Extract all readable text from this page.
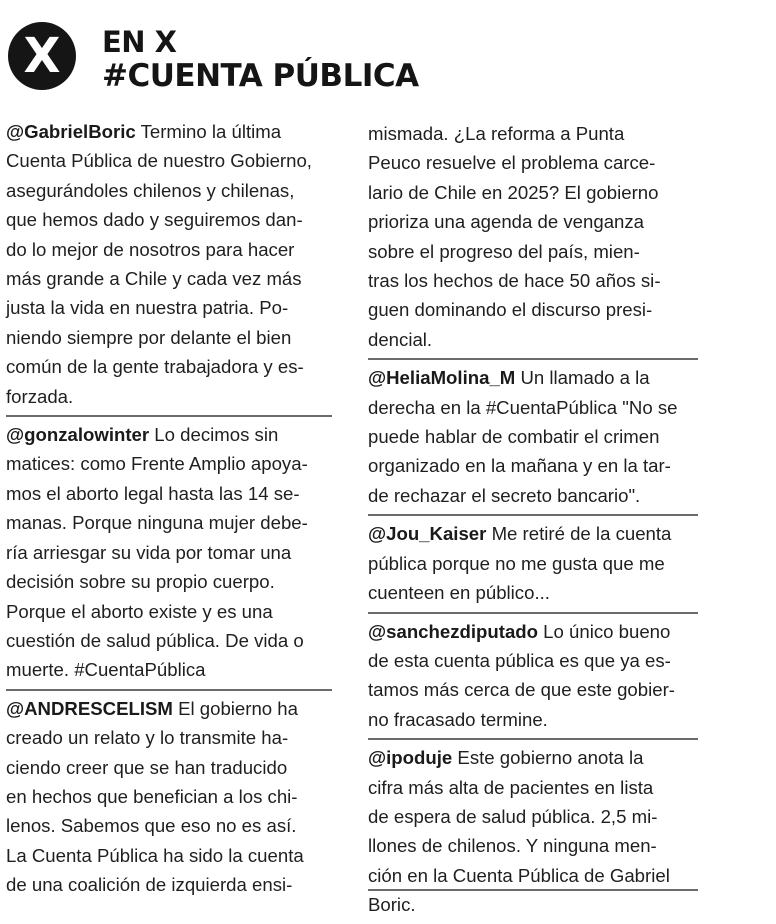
X	EN X
#CUENTA PÚBLICA

@GabrielBoric Termino la última

Cuenta Pública de nuestro Gobierno,

asegurándoles chilenos y chilenas,

que hemos dado y seguiremos dan-

do lo mejor de nosotros para hacer

más grande a Chile y cada vez más

justa la vida en nuestra patria. Po-

niendo siempre por delante el bien

común de la gente trabajadora y es-

forzada.

@gonzalowinter Lo decimos sin

matices: como Frente Amplio apoya-

mos el aborto legal hasta las 14 se-

manas. Porque ninguna mujer debe-

ría arriesgar su vida por tomar una

decisión sobre su propio cuerpo.

Porque el aborto existe y es una

cuestión de salud pública. De vida o

muerte. #CuentaPública

@ANDRESCELISM El gobierno ha

creado un relato y lo transmite ha-

ciendo creer que se han traducido

en hechos que benefician a los chi-

lenos. Sabemos que eso no es así.

La Cuenta Pública ha sido la cuenta

de una coalición de izquierda ensi-

mismada. ¿La reforma a Punta

Peuco resuelve el problema carce-

lario de Chile en 2025? El gobierno

prioriza una agenda de venganza

sobre el progreso del país, mien-

tras los hechos de hace 50 años si-

guen dominando el discurso presi-

dencial.

@HeliaMolina_M Un llamado a la

derecha en la #CuentaPública "No se

puede hablar de combatir el crimen

organizado en la mañana y en la tar-

de rechazar el secreto bancario".

@Jou_Kaiser Me retiré de la cuenta

pública porque no me gusta que me

cuenteen en público...

@sanchezdiputado Lo único bueno

de esta cuenta pública es que ya es-

tamos más cerca de que este gobier-

no fracasado termine.

@ipoduje Este gobierno anota la

cifra más alta de pacientes en lista

de espera de salud pública. 2,5 mi-

llones de chilenos. Y ninguna men-

ción en la Cuenta Pública de Gabriel

Boric.
